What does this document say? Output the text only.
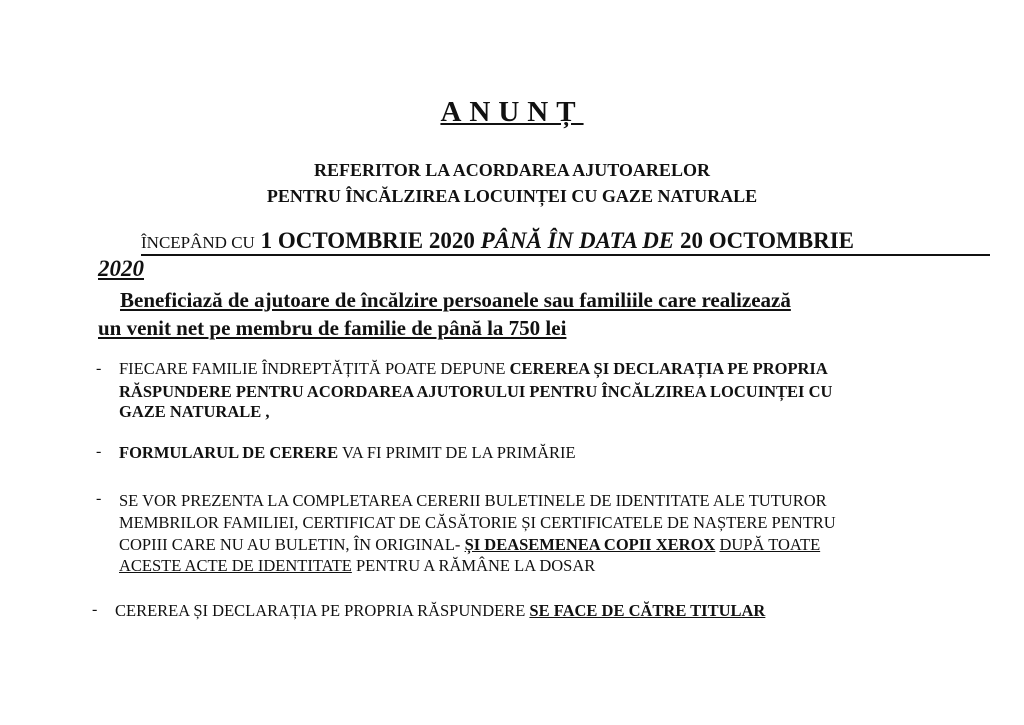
ANUNȚ
REFERITOR LA ACORDAREA AJUTOARELOR
PENTRU ÎNCĂLZIREA LOCUINȚEI CU GAZE NATURALE
ÎNCEPÂND CU 1 OCTOMBRIE 2020 PÂNĂ ÎN DATA DE 20 OCTOMBRIE
2020
Beneficiază de ajutoare de încălzire persoanele sau familiile care realizează
un venit net pe membru de familie de până la 750 lei
- FIECARE FAMILIE ÎNDREPTĂȚITĂ POATE DEPUNE CEREREA ȘI DECLARAȚIA PE PROPRIA
RĂSPUNDERE PENTRU ACORDAREA AJUTORULUI PENTRU ÎNCĂLZIREA LOCUINȚEI CU
GAZE NATURALE ,
- FORMULARUL DE CERERE VA FI PRIMIT DE LA PRIMĂRIE
- SE VOR PREZENTA LA COMPLETAREA CERERII BULETINELE DE IDENTITATE ALE TUTUROR
MEMBRILOR FAMILIEI, CERTIFICAT DE CĂSĂTORIE ȘI CERTIFICATELE DE NAȘTERE PENTRU
COPIII CARE NU AU BULETIN, ÎN ORIGINAL- ȘI DEASEMENEA COPII XEROX DUPĂ TOATE
ACESTE ACTE DE IDENTITATE PENTRU A RĂMÂNE LA DOSAR
- CEREREA ȘI DECLARAȚIA PE PROPRIA RĂSPUNDERE SE FACE DE CĂTRE TITULAR
